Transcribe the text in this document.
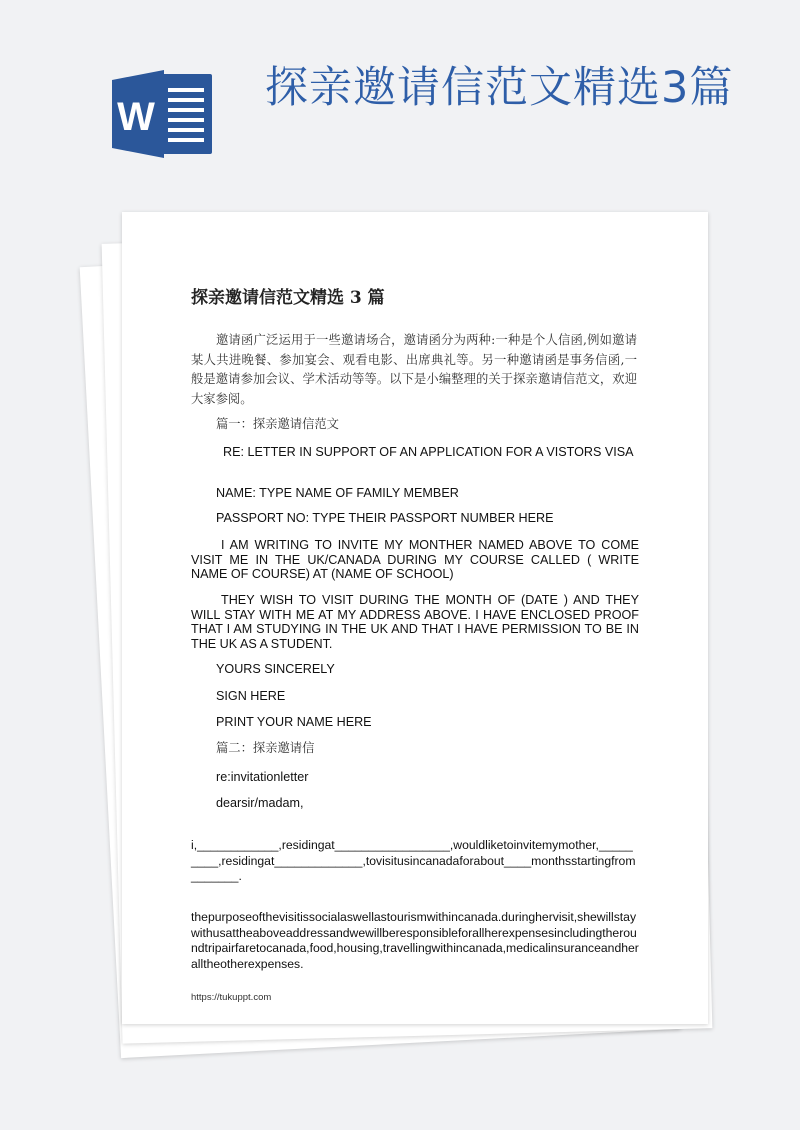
W
探亲邀请信范文精选3篇
探亲邀请信范文精选 3 篇

邀请函广泛运用于一些邀请场合，邀请函分为两种:一种是个人信函,例如邀请某人共进晚餐、参加宴会、观看电影、出席典礼等。另一种邀请函是事务信函,一般是邀请参加会议、学术活动等等。以下是小编整理的关于探亲邀请信范文，欢迎大家参阅。

篇一：探亲邀请信范文

RE: LETTER IN SUPPORT OF AN APPLICATION FOR A VISTORS VISA

NAME: TYPE NAME OF FAMILY MEMBER

PASSPORT NO: TYPE THEIR PASSPORT NUMBER HERE

I AM WRITING TO INVITE MY MONTHER NAMED ABOVE TO COME VISIT ME IN THE UK/CANADA DURING MY COURSE CALLED ( WRITE NAME OF COURSE) AT (NAME OF SCHOOL)

THEY WISH TO VISIT DURING THE MONTH OF (DATE ) AND THEY WILL STAY WITH ME AT MY ADDRESS ABOVE. I HAVE ENCLOSED PROOF THAT I AM STUDYING IN THE UK AND THAT I HAVE PERMISSION TO BE IN THE UK AS A STUDENT.

YOURS SINCERELY

SIGN HERE

PRINT YOUR NAME HERE

篇二：探亲邀请信

re:invitationletter

dearsir/madam,

i,____________,residingat_________________,wouldliketoinvitemymother,_________,residingat_____________,tovisitusincanadaforabout____monthsstartingfrom_______.

thepurposeofthevisitissocialaswellastourismwithincanada.duringhervisit,shewillstaywithusattheaboveaddressandwewillberesponsibleforallherexpensesincludingtheroundtripairfaretocanada,food,housing,travellingwithincanada,medicalinsuranceandheralltheotherexpenses.

https://tukuppt.com
